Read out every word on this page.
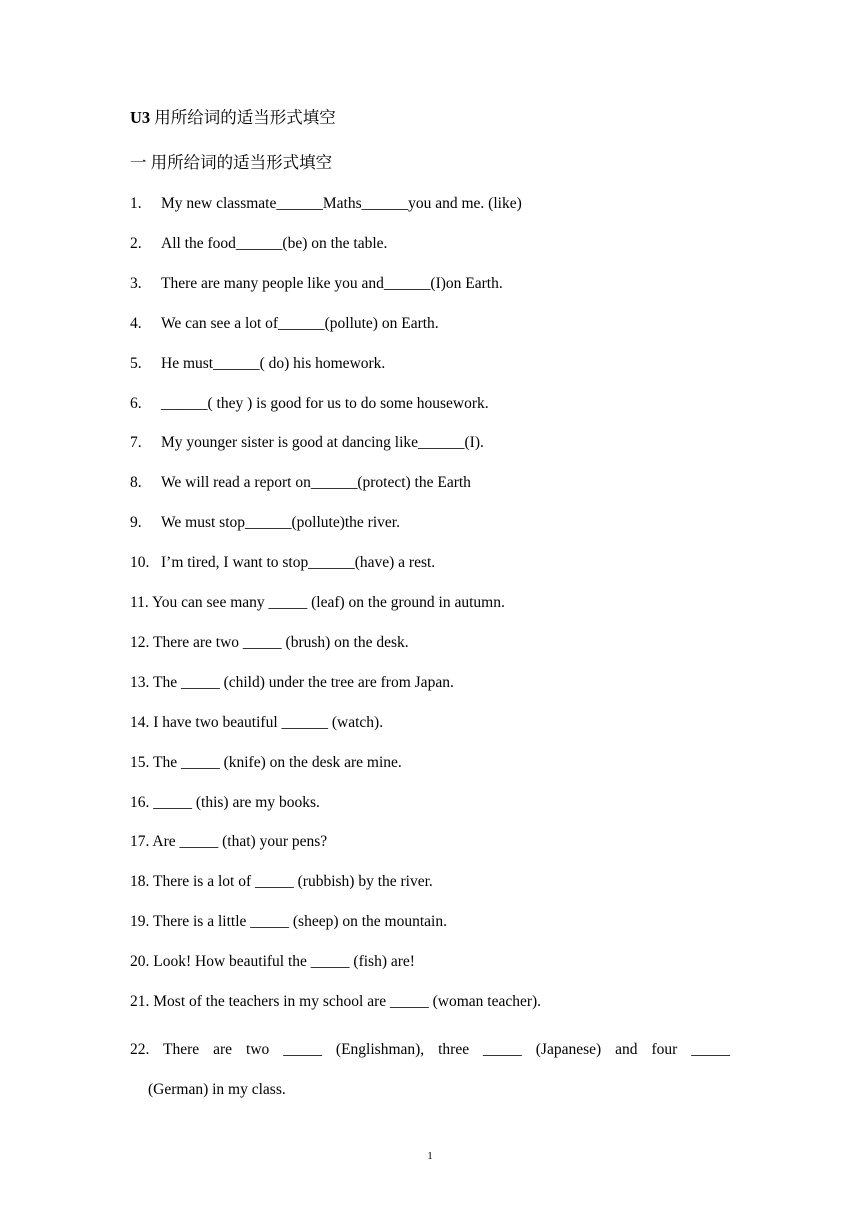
U3 用所给词的适当形式填空
一 用所给词的适当形式填空
1. My new classmate______Maths______you and me. (like)
2. All the food______(be) on the table.
3. There are many people like you and______(I)on Earth.
4. We can see a lot of______(pollute) on Earth.
5. He must______( do) his homework.
6. ______( they ) is good for us to do some housework.
7. My younger sister is good at dancing like______(I).
8. We will read a report on______(protect) the Earth
9. We must stop______(pollute)the river.
10. I’m tired, I want to stop______(have) a rest.
11. You can see many _____ (leaf) on the ground in autumn.
12. There are two _____ (brush) on the desk.
13. The _____ (child) under the tree are from Japan.
14. I have two beautiful ______ (watch).
15. The _____ (knife) on the desk are mine.
16. _____ (this) are my books.
17. Are _____ (that) your pens?
18. There is a lot of _____ (rubbish) by the river.
19. There is a little _____ (sheep) on the mountain.
20. Look! How beautiful the _____ (fish) are!
21. Most of the teachers in my school are _____ (woman teacher).
22. There are two _____ (Englishman), three _____ (Japanese) and four _____
(German) in my class.
1
